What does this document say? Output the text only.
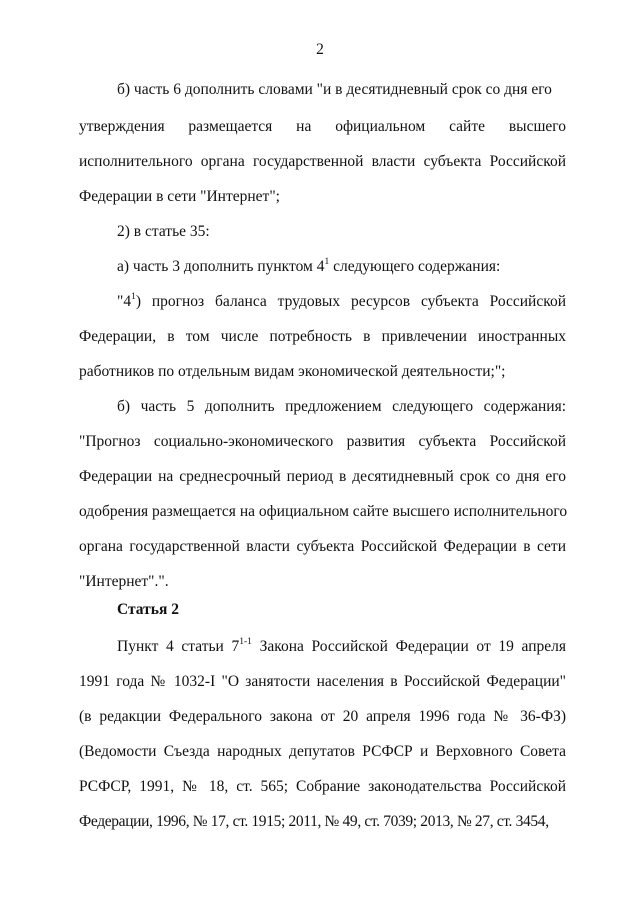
2
б) часть 6 дополнить словами "и в десятидневный срок со дня его
утверждения размещается на официальном сайте высшего
исполнительного органа государственной власти субъекта Российской
Федерации в сети "Интернет";
2) в статье 35:
а) часть 3 дополнить пунктом $4^1$ следующего содержания:
"$4^1$) прогноз баланса трудовых ресурсов субъекта Российской
Федерации, в том числе потребность в привлечении иностранных
работников по отдельным видам экономической деятельности;";
б) часть 5 дополнить предложением следующего содержания:
"Прогноз социально-экономического развития субъекта Российской
Федерации на среднесрочный период в десятидневный срок со дня его
одобрения размещается на официальном сайте высшего исполнительного
органа государственной власти субъекта Российской Федерации в сети
"Интернет".".
Статья 2
Пункт 4 статьи 7$^{1-1}$ Закона Российской Федерации от 19 апреля
1991 года № 1032-I "О занятости населения в Российской Федерации"
(в редакции Федерального закона от 20 апреля 1996 года № 36-ФЗ)
(Ведомости Съезда народных депутатов РСФСР и Верховного Совета
РСФСР, 1991, № 18, ст. 565; Собрание законодательства Российской
Федерации, 1996, № 17, ст. 1915; 2011, № 49, ст. 7039; 2013, № 27, ст. 3454,
